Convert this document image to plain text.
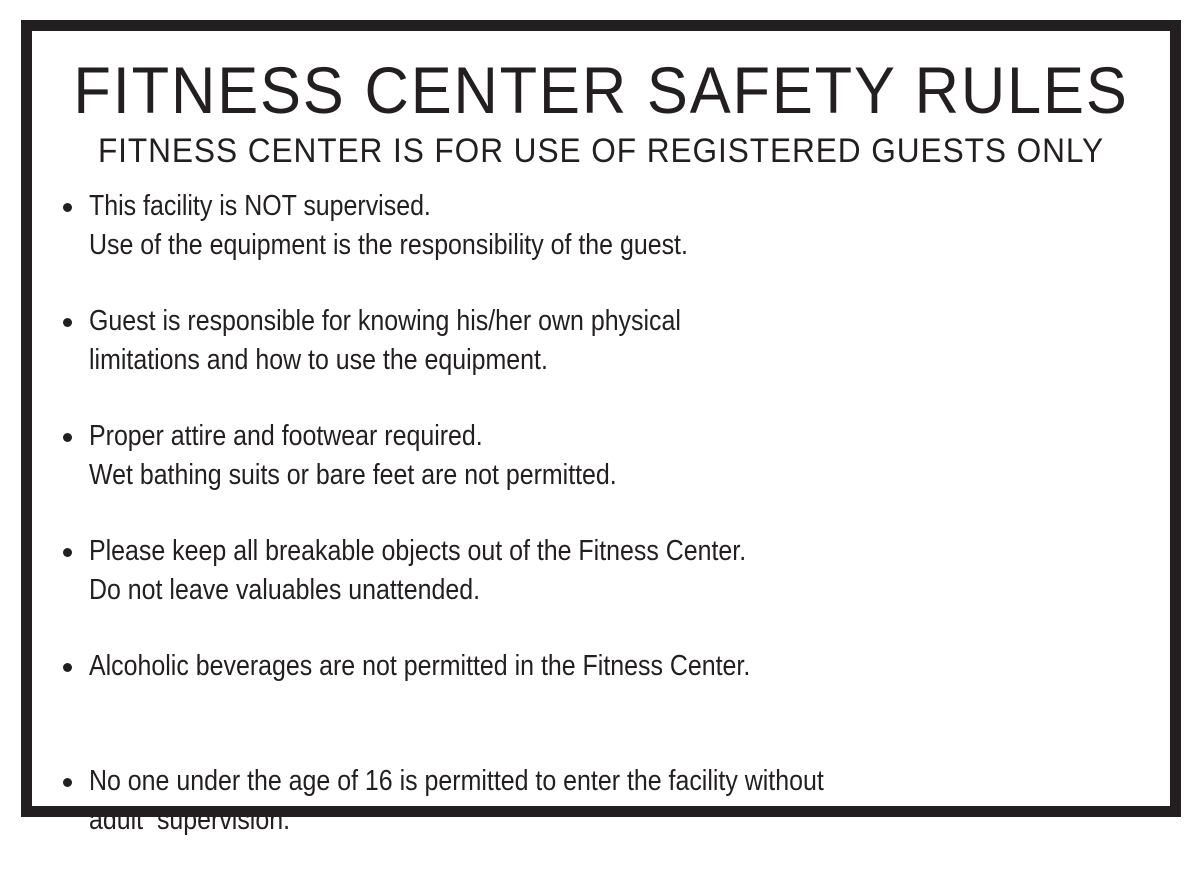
FITNESS CENTER SAFETY RULES
FITNESS CENTER IS FOR USE OF REGISTERED GUESTS ONLY
This facility is NOT supervised.
Use of the equipment is the responsibility of the guest.
Guest is responsible for knowing his/her own physical
limitations and how to use the equipment.
Proper attire and footwear required.
Wet bathing suits or bare feet are not permitted.
Please keep all breakable objects out of the Fitness Center.
Do not leave valuables unattended.
Alcoholic beverages are not permitted in the Fitness Center.
No one under the age of 16 is permitted to enter the facility without
adult  supervision.
